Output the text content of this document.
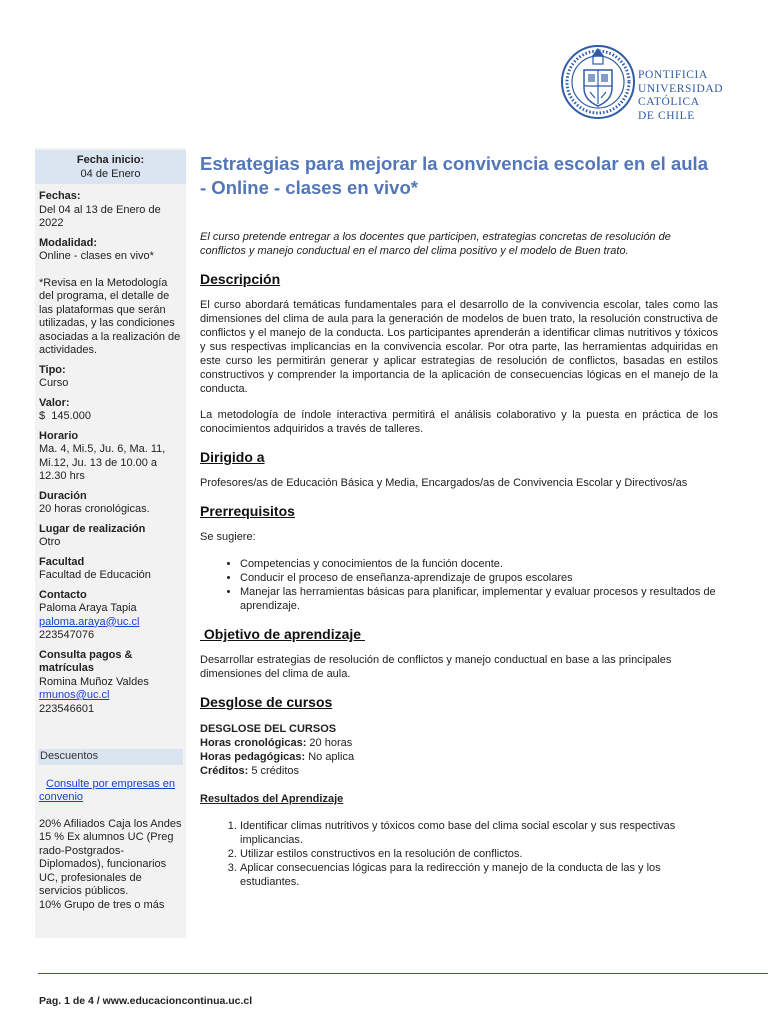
PONTIFICIA
UNIVERSIDAD
CATÓLICA
DE CHILE
Fecha inicio:
04 de Enero
Fechas:
Del 04 al 13 de Enero de 2022
Modalidad:
Online - clases en vivo*
*Revisa en la Metodología del programa, el detalle de las plataformas que serán utilizadas, y las condiciones asociadas a la realización de actividades.
Tipo:
Curso
Valor:
$  145.000
Horario
Ma. 4, Mi.5, Ju. 6, Ma. 11, Mi.12, Ju. 13 de 10.00 a 12.30 hrs
Duración
20 horas cronológicas.
Lugar de realización
Otro
Facultad
Facultad de Educación
Contacto
Paloma Araya Tapia
paloma.araya@uc.cl
223547076
Consulta pagos & matrículas
Romina Muñoz Valdes
rmunos@uc.cl
223546601
Descuentos
Consulte por empresas en convenio
20% Afiliados Caja los Andes
15 % Ex alumnos UC (Preg rado-Postgrados-Diplomados), funcionarios UC, profesionales de servicios públicos.
10% Grupo de tres o más
Estrategias para mejorar la convivencia escolar en el aula - Online - clases en vivo*

El curso pretende entregar a los docentes que participen, estrategias concretas de resolución de conflictos y manejo conductual en el marco del clima positivo y el modelo de Buen trato.

Descripción

El curso abordará temáticas fundamentales para el desarrollo de la convivencia escolar, tales como las dimensiones del clima de aula para la generación de modelos de buen trato, la resolución constructiva de conflictos y el manejo de la conducta. Los participantes aprenderán a identificar climas nutritivos y tóxicos y sus respectivas implicancias en la convivencia escolar. Por otra parte, las herramientas adquiridas en este curso les permitirán generar y aplicar estrategias de resolución de conflictos, basadas en estilos constructivos y comprender la importancia de la aplicación de consecuencias lógicas en el manejo de la conducta.

La metodología de índole interactiva permitirá el análisis colaborativo y la puesta en práctica de los conocimientos adquiridos a través de talleres.

Dirigido a

Profesores/as de Educación Básica y Media, Encargados/as de Convivencia Escolar y Directivos/as

Prerrequisitos

Se sugiere:

• Competencias y conocimientos de la función docente.
• Conducir el proceso de enseñanza-aprendizaje de grupos escolares
• Manejar las herramientas básicas para planificar, implementar y evaluar procesos y resultados de aprendizaje.
Objetivo de aprendizaje

Desarrollar estrategias de resolución de conflictos y manejo conductual en base a las principales dimensiones del clima de aula.

Desglose de cursos
DESGLOSE DEL CURSOS
Horas cronológicas: 20 horas
Horas pedagógicas: No aplica
Créditos: 5 créditos
Resultados del Aprendizaje
1. Identificar climas nutritivos y tóxicos como base del clima social escolar y sus respectivas implicancias.
2. Utilizar estilos constructivos en la resolución de conflictos.
3. Aplicar consecuencias lógicas para la redirección y manejo de la conducta de las y los estudiantes.
Pag. 1 de 4 / www.educacioncontinua.uc.cl
